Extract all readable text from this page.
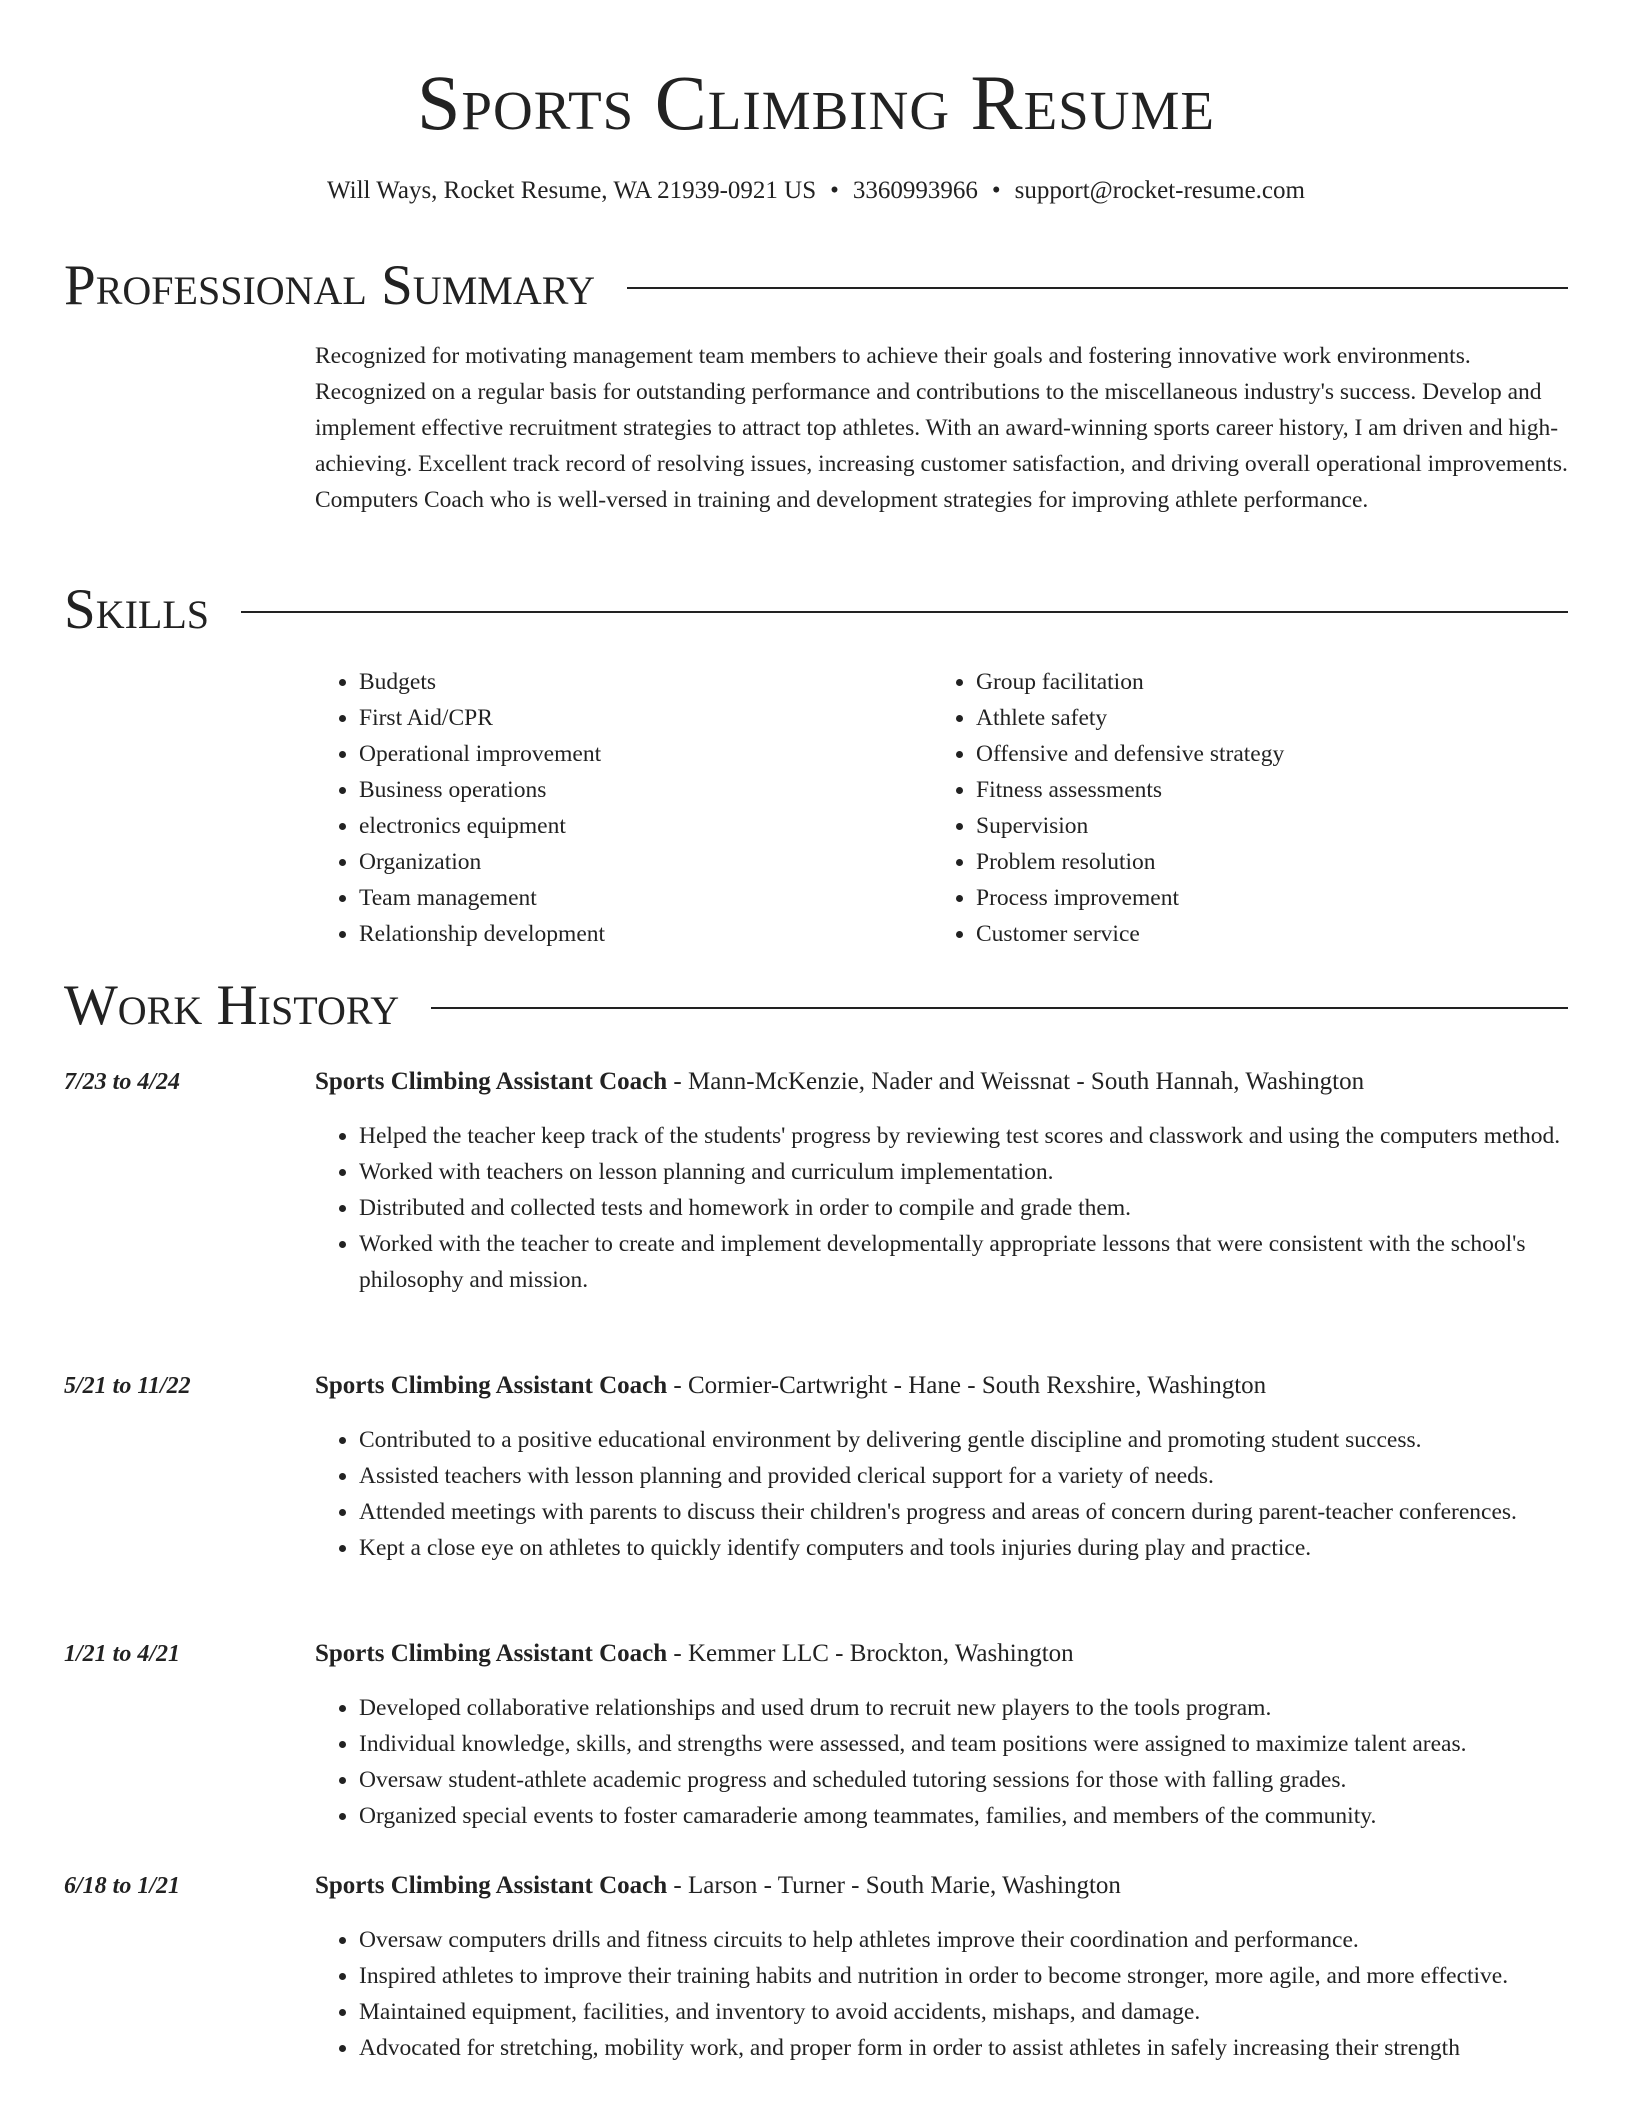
Sports Climbing Resume
Will Ways, Rocket Resume, WA 21939-0921 US • 3360993966 • support@rocket-resume.com
Professional Summary

Recognized for motivating management team members to achieve their goals and fostering innovative work environments. Recognized on a regular basis for outstanding performance and contributions to the miscellaneous industry's success. Develop and implement effective recruitment strategies to attract top athletes. With an award-winning sports career history, I am driven and high-achieving. Excellent track record of resolving issues, increasing customer satisfaction, and driving overall operational improvements. Computers Coach who is well-versed in training and development strategies for improving athlete performance.

Skills
• Budgets
• First Aid/CPR
• Operational improvement
• Business operations
• electronics equipment
• Organization
• Team management
• Relationship development
• Group facilitation
• Athlete safety
• Offensive and defensive strategy
• Fitness assessments
• Supervision
• Problem resolution
• Process improvement
• Customer service
Work History
7/23 to 4/24	Sports Climbing Assistant Coach - Mann-McKenzie, Nader and Weissnat - South Hannah, Washington
• Helped the teacher keep track of the students' progress by reviewing test scores and classwork and using the computers method.
• Worked with teachers on lesson planning and curriculum implementation.
• Distributed and collected tests and homework in order to compile and grade them.
• Worked with the teacher to create and implement developmentally appropriate lessons that were consistent with the school's philosophy and mission.
5/21 to 11/22	Sports Climbing Assistant Coach - Cormier-Cartwright - Hane - South Rexshire, Washington
• Contributed to a positive educational environment by delivering gentle discipline and promoting student success.
• Assisted teachers with lesson planning and provided clerical support for a variety of needs.
• Attended meetings with parents to discuss their children's progress and areas of concern during parent-teacher conferences.
• Kept a close eye on athletes to quickly identify computers and tools injuries during play and practice.
1/21 to 4/21	Sports Climbing Assistant Coach - Kemmer LLC - Brockton, Washington
• Developed collaborative relationships and used drum to recruit new players to the tools program.
• Individual knowledge, skills, and strengths were assessed, and team positions were assigned to maximize talent areas.
• Oversaw student-athlete academic progress and scheduled tutoring sessions for those with falling grades.
• Organized special events to foster camaraderie among teammates, families, and members of the community.
6/18 to 1/21	Sports Climbing Assistant Coach - Larson - Turner - South Marie, Washington
• Oversaw computers drills and fitness circuits to help athletes improve their coordination and performance.
• Inspired athletes to improve their training habits and nutrition in order to become stronger, more agile, and more effective.
• Maintained equipment, facilities, and inventory to avoid accidents, mishaps, and damage.
• Advocated for stretching, mobility work, and proper form in order to assist athletes in safely increasing their strength
